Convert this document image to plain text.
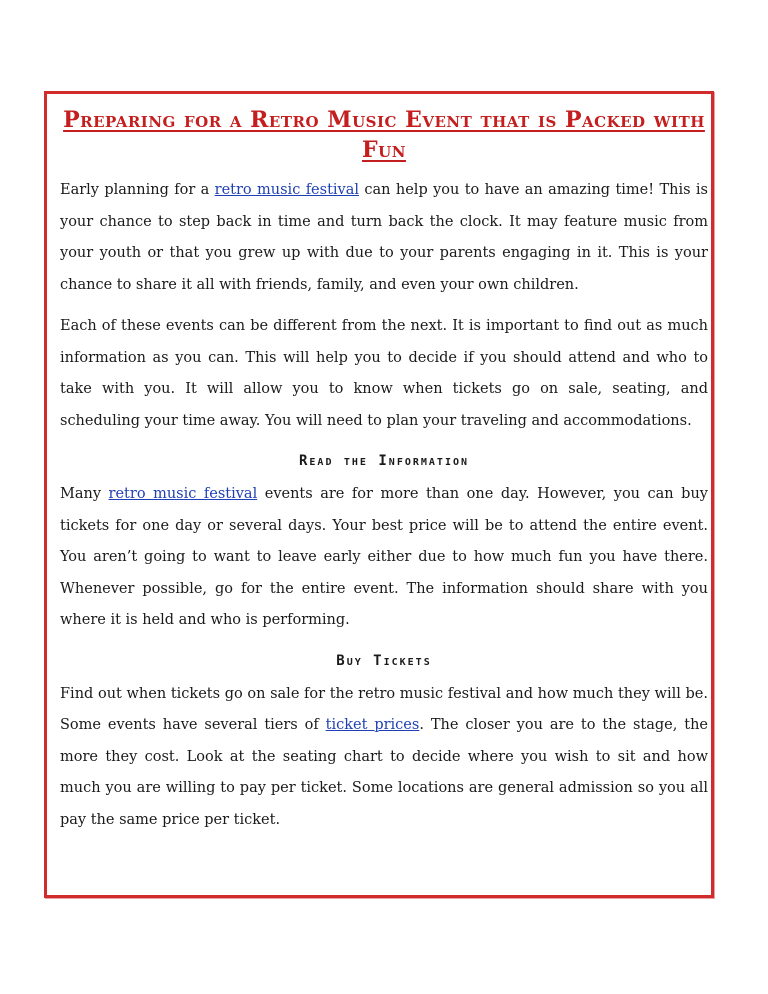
Preparing for a Retro Music Event that is Packed with Fun

Early planning for a retro music festival can help you to have an amazing time! This is your chance to step back in time and turn back the clock. It may feature music from your youth or that you grew up with due to your parents engaging in it. This is your chance to share it all with friends, family, and even your own children.

Each of these events can be different from the next. It is important to find out as much information as you can. This will help you to decide if you should attend and who to take with you. It will allow you to know when tickets go on sale, seating, and scheduling your time away. You will need to plan your traveling and accommodations.

Read the Information

Many retro music festival events are for more than one day. However, you can buy tickets for one day or several days. Your best price will be to attend the entire event. You aren’t going to want to leave early either due to how much fun you have there. Whenever possible, go for the entire event. The information should share with you where it is held and who is performing.

Buy Tickets

Find out when tickets go on sale for the retro music festival and how much they will be. Some events have several tiers of ticket prices. The closer you are to the stage, the more they cost. Look at the seating chart to decide where you wish to sit and how much you are willing to pay per ticket. Some locations are general admission so you all pay the same price per ticket.
